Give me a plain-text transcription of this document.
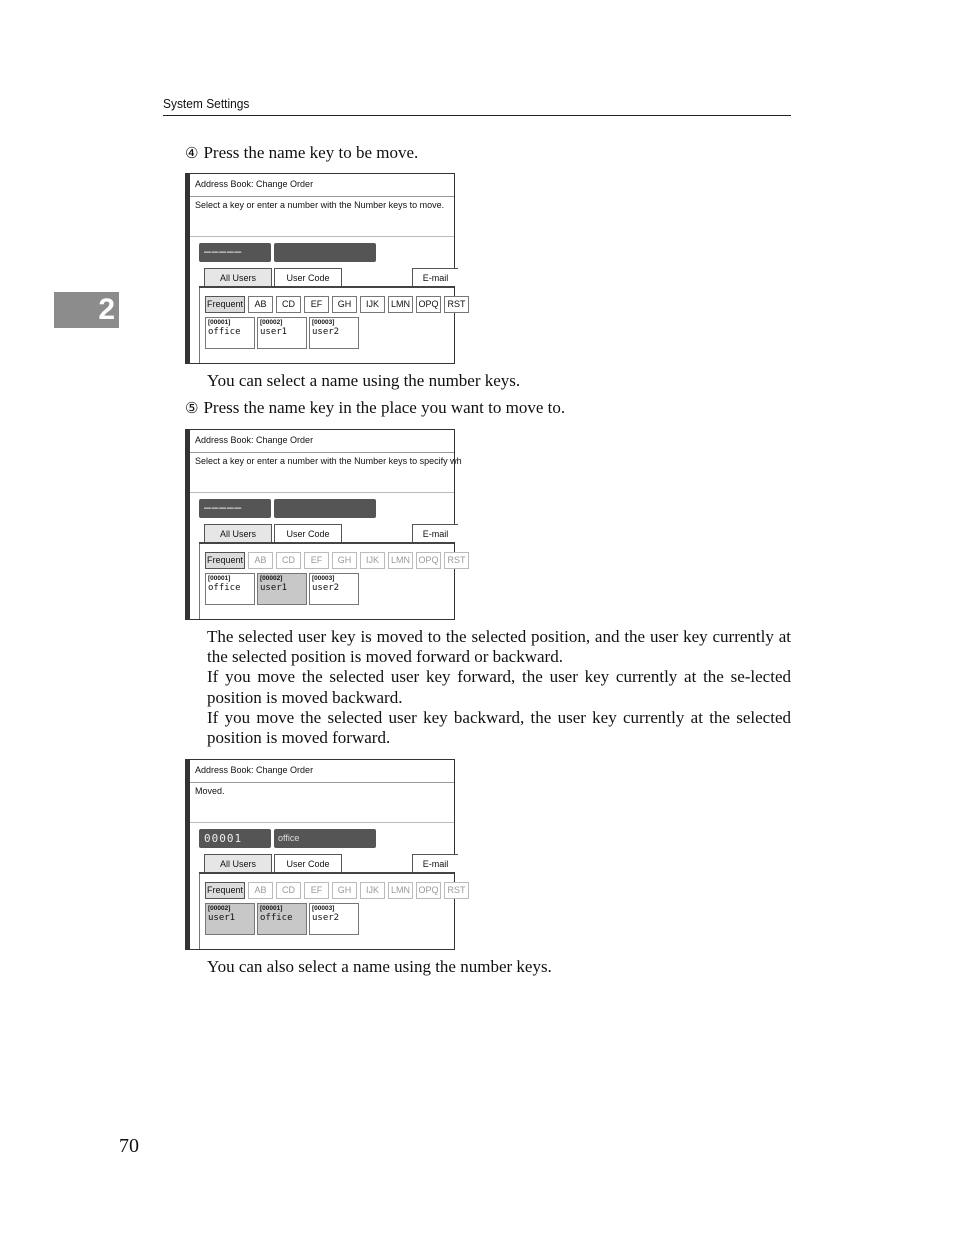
System Settings
2
④ Press the name key to be move.
Address Book: Change Order
Select a key or enter a number with the Number keys to move.
─────
All Users	User Code	E-mail
Frequent	AB	CD	EF	GH	IJK	LMN OPQ	RST
[00001]
office
[00002]
user1
[00003]
user2
You can select a name using the number keys.
⑤ Press the name key in the place you want to move to.
Address Book: Change Order
Select a key or enter a number with the Number keys to specify wh
─────
All Users	User Code	E-mail
Frequent	AB	CD	EF	GH	IJK	LMN OPQ	RST
[00001]
office
[00002]
user1
[00003]
user2

The selected user key is moved to the selected position, and the user key currently at the selected position is moved forward or backward.

If you move the selected user key forward, the user key currently at the se-lected position is moved backward.

If you move the selected user key backward, the user key currently at the selected position is moved forward.

Address Book: Change Order
Moved.
00001	office
All Users	User Code	E-mail
Frequent	AB	CD	EF	GH	IJK	LMN OPQ	RST
[00002]
user1
[00001]
office
[00003]
user2
You can also select a name using the number keys.
70
